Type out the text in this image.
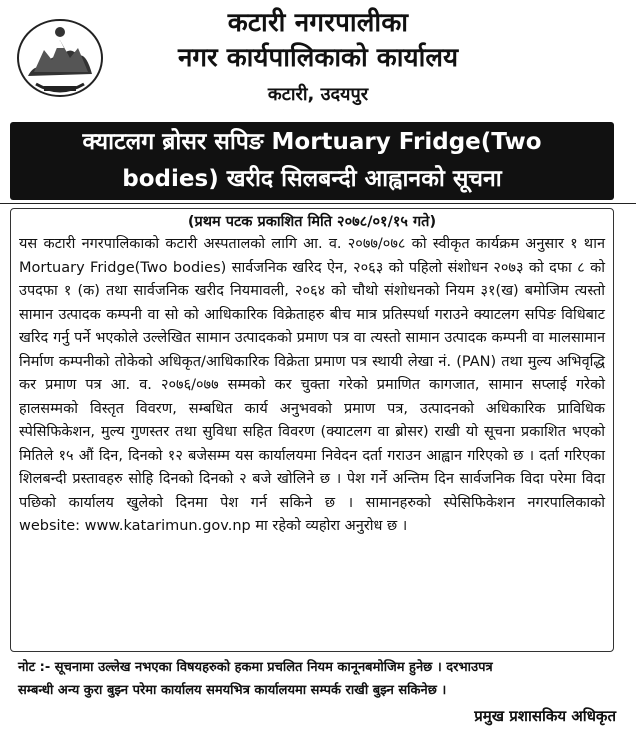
कटारी नगरपालीका
नगर कार्यपालिकाको कार्यालय
कटारी, उदयपुर
क्याटलग ब्रोसर सपिङ Mortuary Fridge(Two
bodies) खरीद सिलबन्दी आह्वानको सूचना
(प्रथम पटक प्रकाशित मिति २०७८/०१/१५ गते)
यस कटारी नगरपालिकाको कटारी अस्पतालको लागि आ. व. २०७७/०७८ को स्वीकृत कार्यक्रम अनुसार १ थान Mortuary Fridge(Two bodies) सार्वजनिक खरिद ऐन, २०६३ को पहिलो संशोधन २०७३ को दफा ८ को उपदफा १ (क) तथा सार्वजनिक खरीद नियमावली, २०६४ को चौथो संशोधनको नियम ३१(ख) बमोजिम त्यस्तो सामान उत्पादक कम्पनी वा सो को आधिकारिक विक्रेताहरु बीच मात्र प्रतिस्पर्धा गराउने क्याटलग सपिङ विधिबाट खरिद गर्नु पर्ने भएकोले उल्लेखित सामान उत्पादकको प्रमाण पत्र वा त्यस्तो सामान उत्पादक कम्पनी वा मालसामान निर्माण कम्पनीको तोकेको अधिकृत/आधिकारिक विक्रेता प्रमाण पत्र स्थायी लेखा नं. (PAN) तथा मुल्य अभिवृद्धि कर प्रमाण पत्र आ. व. २०७६/०७७ सम्मको कर चुक्ता गरेको प्रमाणित कागजात, सामान सप्लाई गरेको हालसम्मको विस्तृत विवरण, सम्बधित कार्य अनुभवको प्रमाण पत्र, उत्पादनको अधिकारिक प्राविधिक स्पेसिफिकेशन, मुल्य गुणस्तर तथा सुविधा सहित विवरण (क्याटलग वा ब्रोसर) राखी यो सूचना प्रकाशित भएको मितिले १५ औं दिन, दिनको १२ बजेसम्म यस कार्यालयमा निवेदन दर्ता गराउन आह्वान गरिएको छ । दर्ता गरिएका शिलबन्दी प्रस्तावहरु सोहि दिनको दिनको २ बजे खोलिने छ । पेश गर्ने अन्तिम दिन सार्वजनिक विदा परेमा विदा पछिको कार्यालय खुलेको दिनमा पेश गर्न सकिने छ । सामानहरुको स्पेसिफिकेशन नगरपालिकाको
website: www.katarimun.gov.np मा रहेको व्यहोरा अनुरोध छ ।
नोट :- सूचनामा उल्लेख नभएका विषयहरुको हकमा प्रचलित नियम कानूनबमोजिम हुनेछ । दरभाउपत्र
सम्बन्धी अन्य कुरा बुझ्न परेमा कार्यालय समयभित्र कार्यालयमा सम्पर्क राखी बुझ्न सकिनेछ ।
प्रमुख प्रशासकिय अधिकृत
